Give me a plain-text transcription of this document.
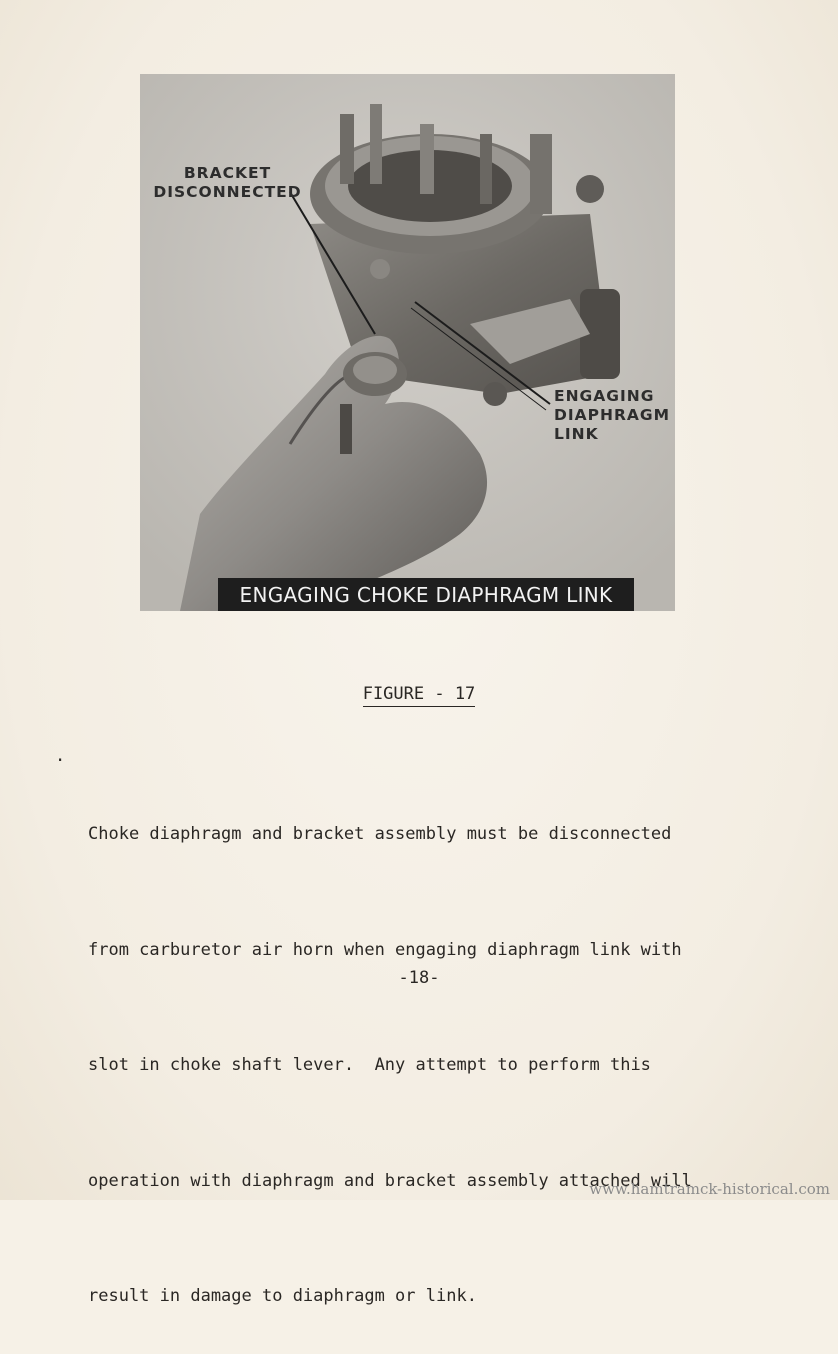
BRACKET
DISCONNECTED
ENGAGING
DIAPHRAGM
LINK
ENGAGING CHOKE DIAPHRAGM LINK
FIGURE - 17
.

Choke diaphragm and bracket assembly must be disconnected

from carburetor air horn when engaging diaphragm link with

slot in choke shaft lever.  Any attempt to perform this

operation with diaphragm and bracket assembly attached will

result in damage to diaphragm or link.

-18-
www.hamtramck-historical.com
